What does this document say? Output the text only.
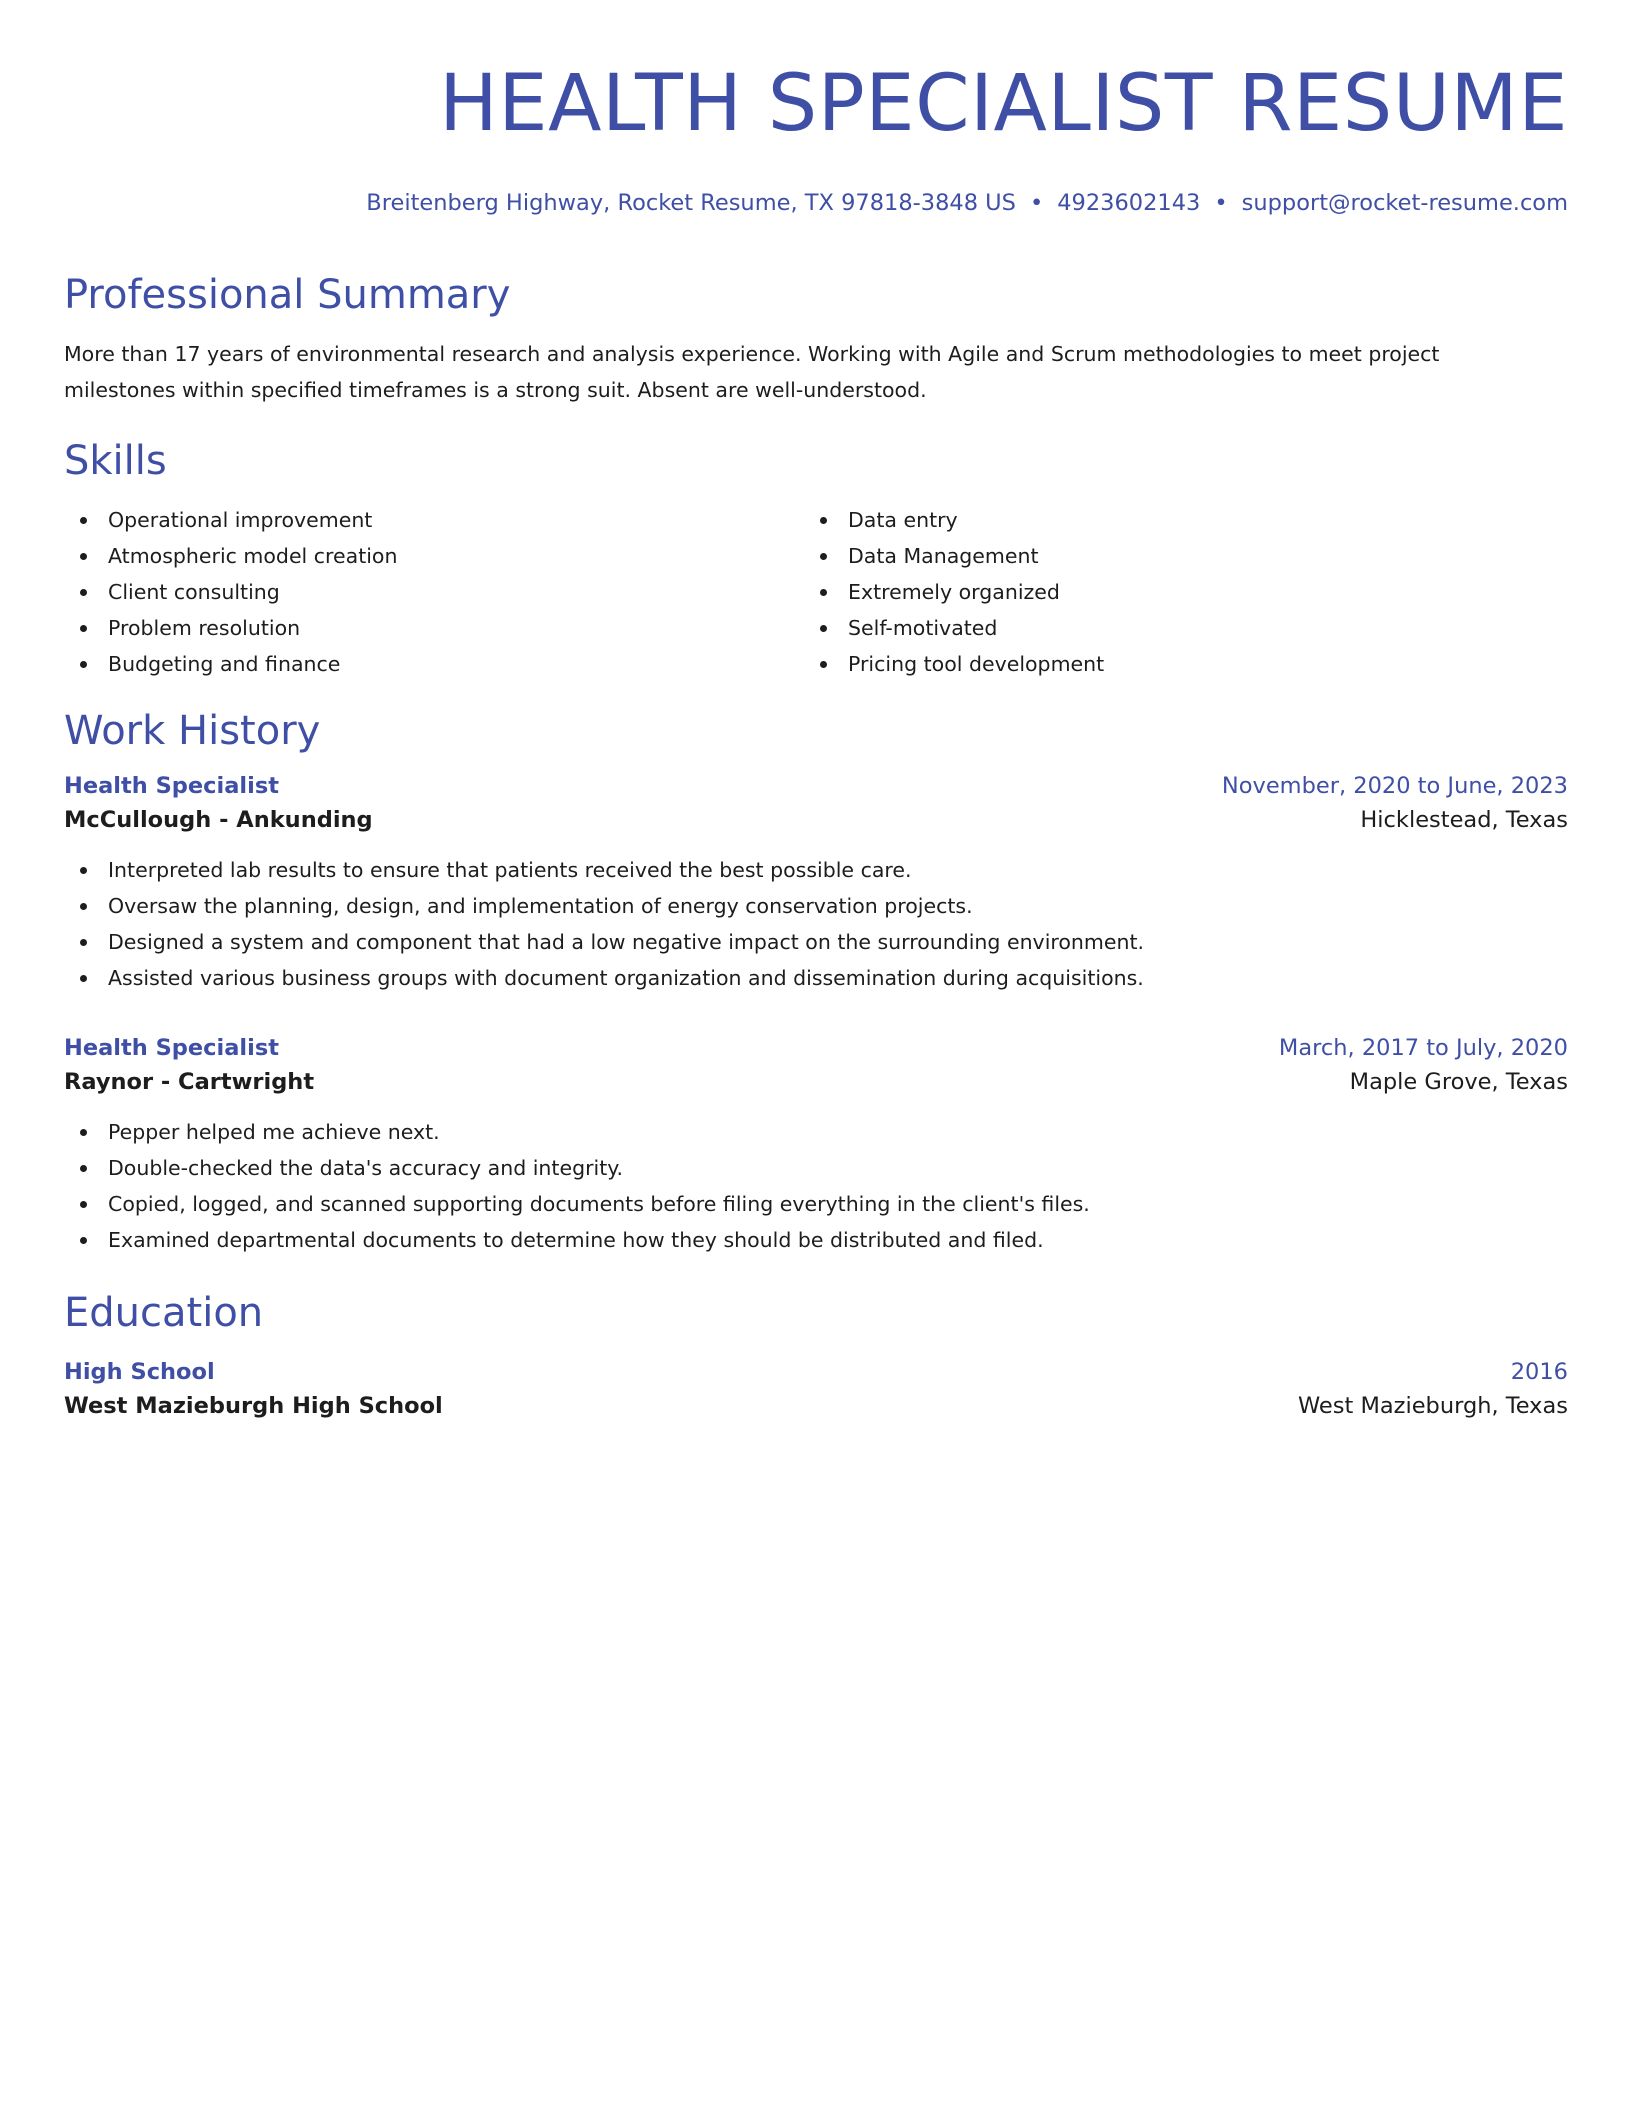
HEALTH SPECIALIST RESUME
Breitenberg Highway, Rocket Resume, TX 97818-3848 US • 4923602143 • support@rocket-resume.com
Professional Summary

More than 17 years of environmental research and analysis experience. Working with Agile and Scrum methodologies to meet project milestones within specified timeframes is a strong suit. Absent are well-understood.

Skills
Operational improvement
Atmospheric model creation
Client consulting
Problem resolution
Budgeting and finance
Data entry
Data Management
Extremely organized
Self-motivated
Pricing tool development
Work History
Health Specialist	November, 2020 to June, 2023
McCullough - Ankunding	Hicklestead, Texas
Interpreted lab results to ensure that patients received the best possible care.
Oversaw the planning, design, and implementation of energy conservation projects.
Designed a system and component that had a low negative impact on the surrounding environment.
Assisted various business groups with document organization and dissemination during acquisitions.
Health Specialist	March, 2017 to July, 2020
Raynor - Cartwright	Maple Grove, Texas
Pepper helped me achieve next.
Double-checked the data's accuracy and integrity.
Copied, logged, and scanned supporting documents before filing everything in the client's files.
Examined departmental documents to determine how they should be distributed and filed.
Education
High School	2016
West Mazieburgh High School	West Mazieburgh, Texas
